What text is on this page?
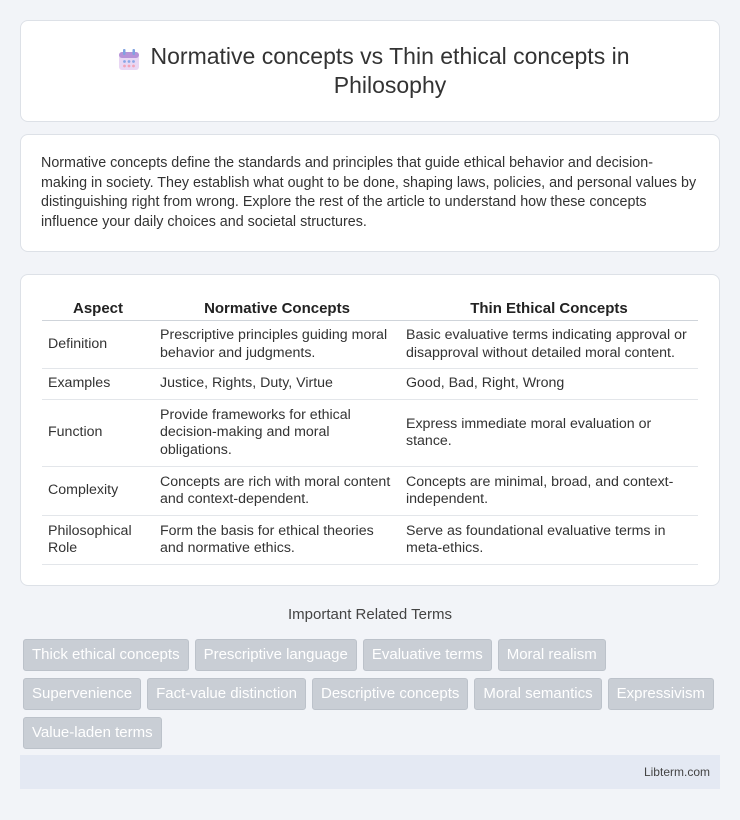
Normative concepts vs Thin ethical concepts in Philosophy

Normative concepts define the standards and principles that guide ethical behavior and decision-making in society. They establish what ought to be done, shaping laws, policies, and personal values by distinguishing right from wrong. Explore the rest of the article to understand how these concepts influence your daily choices and societal structures.

Aspect	Normative Concepts	Thin Ethical Concepts
Definition	Prescriptive principles guiding moral behavior and judgments.	Basic evaluative terms indicating approval or disapproval without detailed moral content.
Examples	Justice, Rights, Duty, Virtue	Good, Bad, Right, Wrong
Function	Provide frameworks for ethical decision-making and moral obligations.	Express immediate moral evaluation or stance.
Complexity	Concepts are rich with moral content and context-dependent.	Concepts are minimal, broad, and context-independent.
Philosophical Role	Form the basis for ethical theories and normative ethics.	Serve as foundational evaluative terms in meta-ethics.
Important Related Terms
Thick ethical concepts	Prescriptive language	Evaluative terms	Moral realism
Supervenience	Fact-value distinction	Descriptive concepts	Moral semantics	Expressivism
Value-laden terms
Libterm.com
